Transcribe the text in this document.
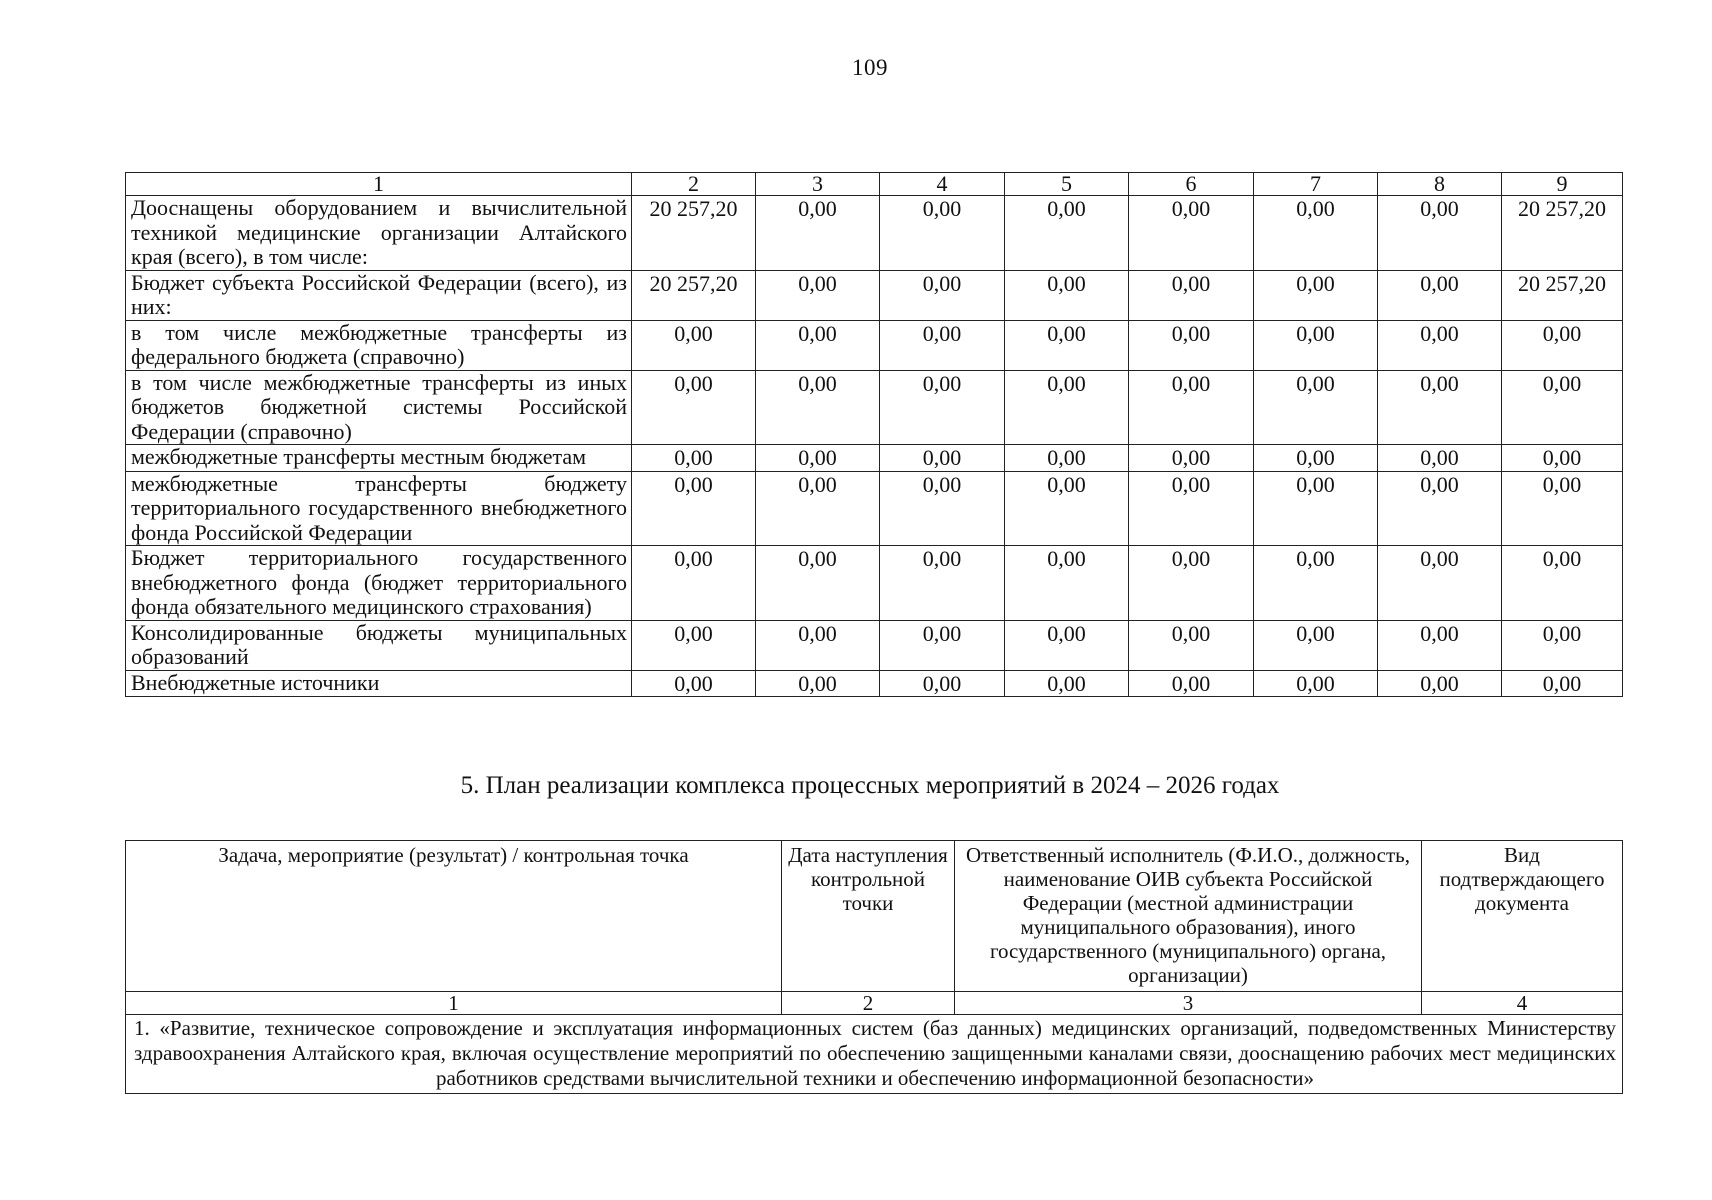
109
1	2	3	4	5	6	7	8	9
Дооснащены оборудованием и вычислительной техникой медицинские организации Алтайского края (всего), в том числе:	20 257,20	0,00	0,00	0,00	0,00	0,00	0,00	20 257,20
Бюджет субъекта Российской Федерации (всего), из них:	20 257,20	0,00	0,00	0,00	0,00	0,00	0,00	20 257,20
в том числе межбюджетные трансферты из федерального бюджета (справочно)	0,00	0,00	0,00	0,00	0,00	0,00	0,00	0,00
в том числе межбюджетные трансферты из иных бюджетов бюджетной системы Российской Федерации (справочно)	0,00	0,00	0,00	0,00	0,00	0,00	0,00	0,00
межбюджетные трансферты местным бюджетам	0,00	0,00	0,00	0,00	0,00	0,00	0,00	0,00
межбюджетные трансферты бюджету территориального государственного внебюджетного фонда Российской Федерации	0,00	0,00	0,00	0,00	0,00	0,00	0,00	0,00
Бюджет территориального государственного внебюджетного фонда (бюджет территориального фонда обязательного медицинского страхования)	0,00	0,00	0,00	0,00	0,00	0,00	0,00	0,00
Консолидированные бюджеты муниципальных образований	0,00	0,00	0,00	0,00	0,00	0,00	0,00	0,00
Внебюджетные источники	0,00	0,00	0,00	0,00	0,00	0,00	0,00	0,00
5. План реализации комплекса процессных мероприятий в 2024 – 2026 годах
Задача, мероприятие (результат) / контрольная точка	Дата наступления контрольной точки	Ответственный исполнитель (Ф.И.О., должность, наименование ОИВ субъекта Российской Федерации (местной администрации муниципального образования), иного государственного (муниципального) органа, организации)	Вид подтверждающего документа
1	2	3	4
1. «Развитие, техническое сопровождение и эксплуатация информационных систем (баз данных) медицинских организаций, подведомственных Министерству здравоохранения Алтайского края, включая осуществление мероприятий по обеспечению защищенными каналами связи, дооснащению рабочих мест медицинских работников средствами вычислительной техники и обеспечению информационной безопасности»			
